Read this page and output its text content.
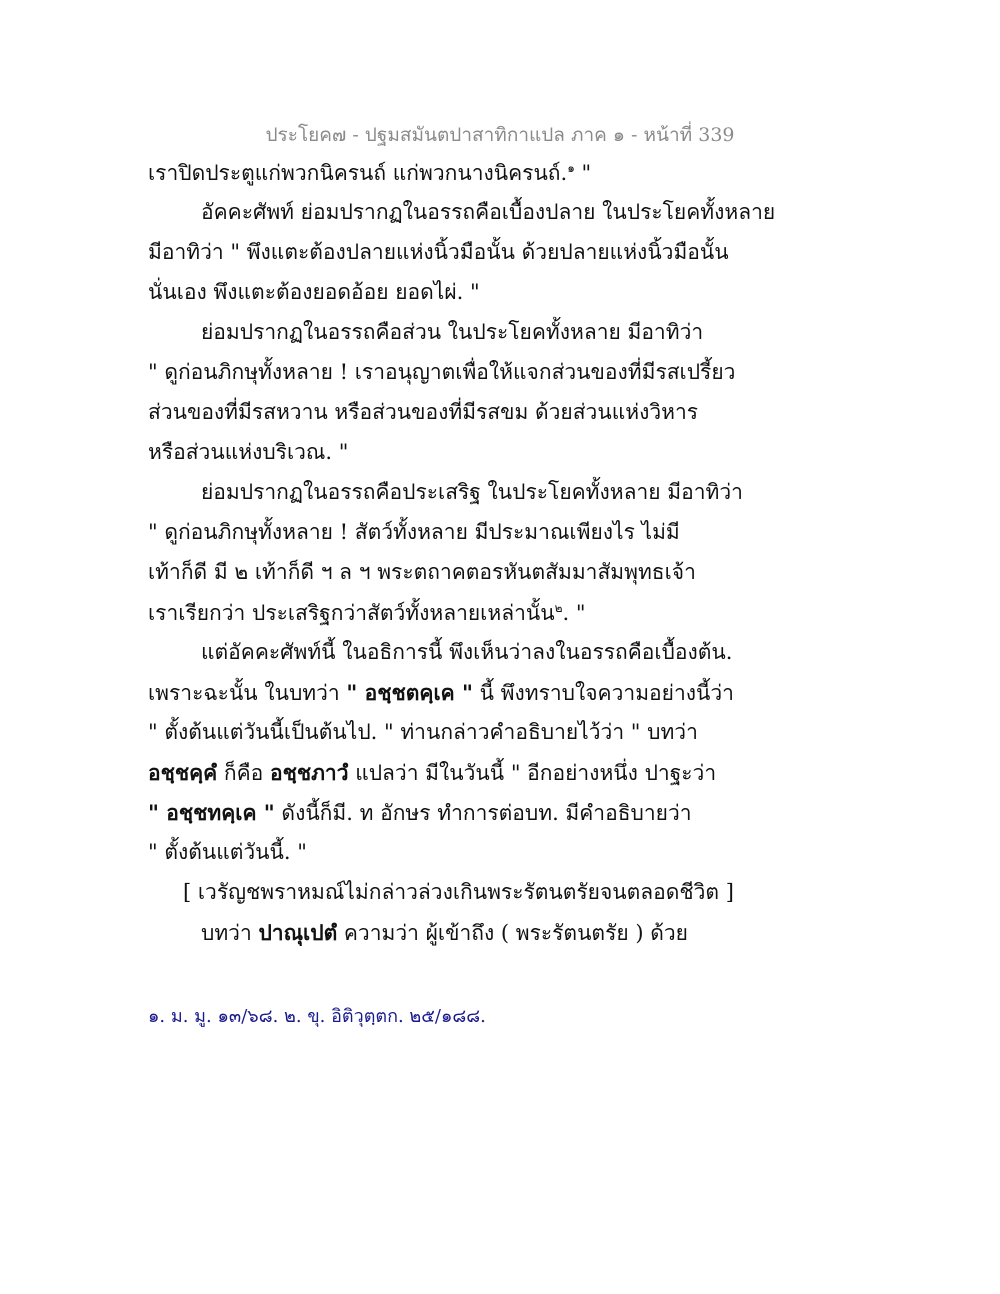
ประโยค๗ - ปฐมสมันตปาสาทิกาแปล ภาค ๑ - หน้าที่ 339
เราปิดประตูแก่พวกนิครนถ์ แก่พวกนางนิครนถ์.$^๑$ "
อัคคะศัพท์ ย่อมปรากฏในอรรถคือเบื้องปลาย ในประโยคทั้งหลาย
มีอาทิว่า " พึงแตะต้องปลายแห่งนิ้วมือนั้น ด้วยปลายแห่งนิ้วมือนั้น
นั่นเอง พึงแตะต้องยอดอ้อย ยอดไผ่. "
ย่อมปรากฏในอรรถคือส่วน ในประโยคทั้งหลาย มีอาทิว่า
" ดูก่อนภิกษุทั้งหลาย ! เราอนุญาตเพื่อให้แจกส่วนของที่มีรสเปรี้ยว
ส่วนของที่มีรสหวาน หรือส่วนของที่มีรสขม ด้วยส่วนแห่งวิหาร
หรือส่วนแห่งบริเวณ. "
ย่อมปรากฏในอรรถคือประเสริฐ ในประโยคทั้งหลาย มีอาทิว่า
" ดูก่อนภิกษุทั้งหลาย ! สัตว์ทั้งหลาย มีประมาณเพียงไร ไม่มี
เท้าก็ดี มี ๒ เท้าก็ดี ฯ ล ฯ พระตถาคตอรหันตสัมมาสัมพุทธเจ้า
เราเรียกว่า ประเสริฐกว่าสัตว์ทั้งหลายเหล่านั้น$^๒$. "
แต่อัคคะศัพท์นี้ ในอธิการนี้ พึงเห็นว่าลงในอรรถคือเบื้องต้น.
เพราะฉะนั้น ในบทว่า " อชฺชตคฺเค " นี้ พึงทราบใจความอย่างนี้ว่า
" ตั้งต้นแต่วันนี้เป็นต้นไป. " ท่านกล่าวคำอธิบายไว้ว่า " บทว่า
อชฺชคฺคํ ก็คือ อชฺชภาวํ แปลว่า มีในวันนี้ " อีกอย่างหนึ่ง ปาฐะว่า
" อชฺชทคฺเค " ดังนี้ก็มี. ท อักษร ทำการต่อบท. มีคำอธิบายว่า
" ตั้งต้นแต่วันนี้. "
[ เวรัญชพราหมณ์ไม่กล่าวล่วงเกินพระรัตนตรัยจนตลอดชีวิต ]
บทว่า ปาณุเปตํ ความว่า ผู้เข้าถึง ( พระรัตนตรัย ) ด้วย
๑. ม. มู. ๑๓/๖๘. ๒. ขุ. อิติวุตฺตก. ๒๕/๑๘๘.
